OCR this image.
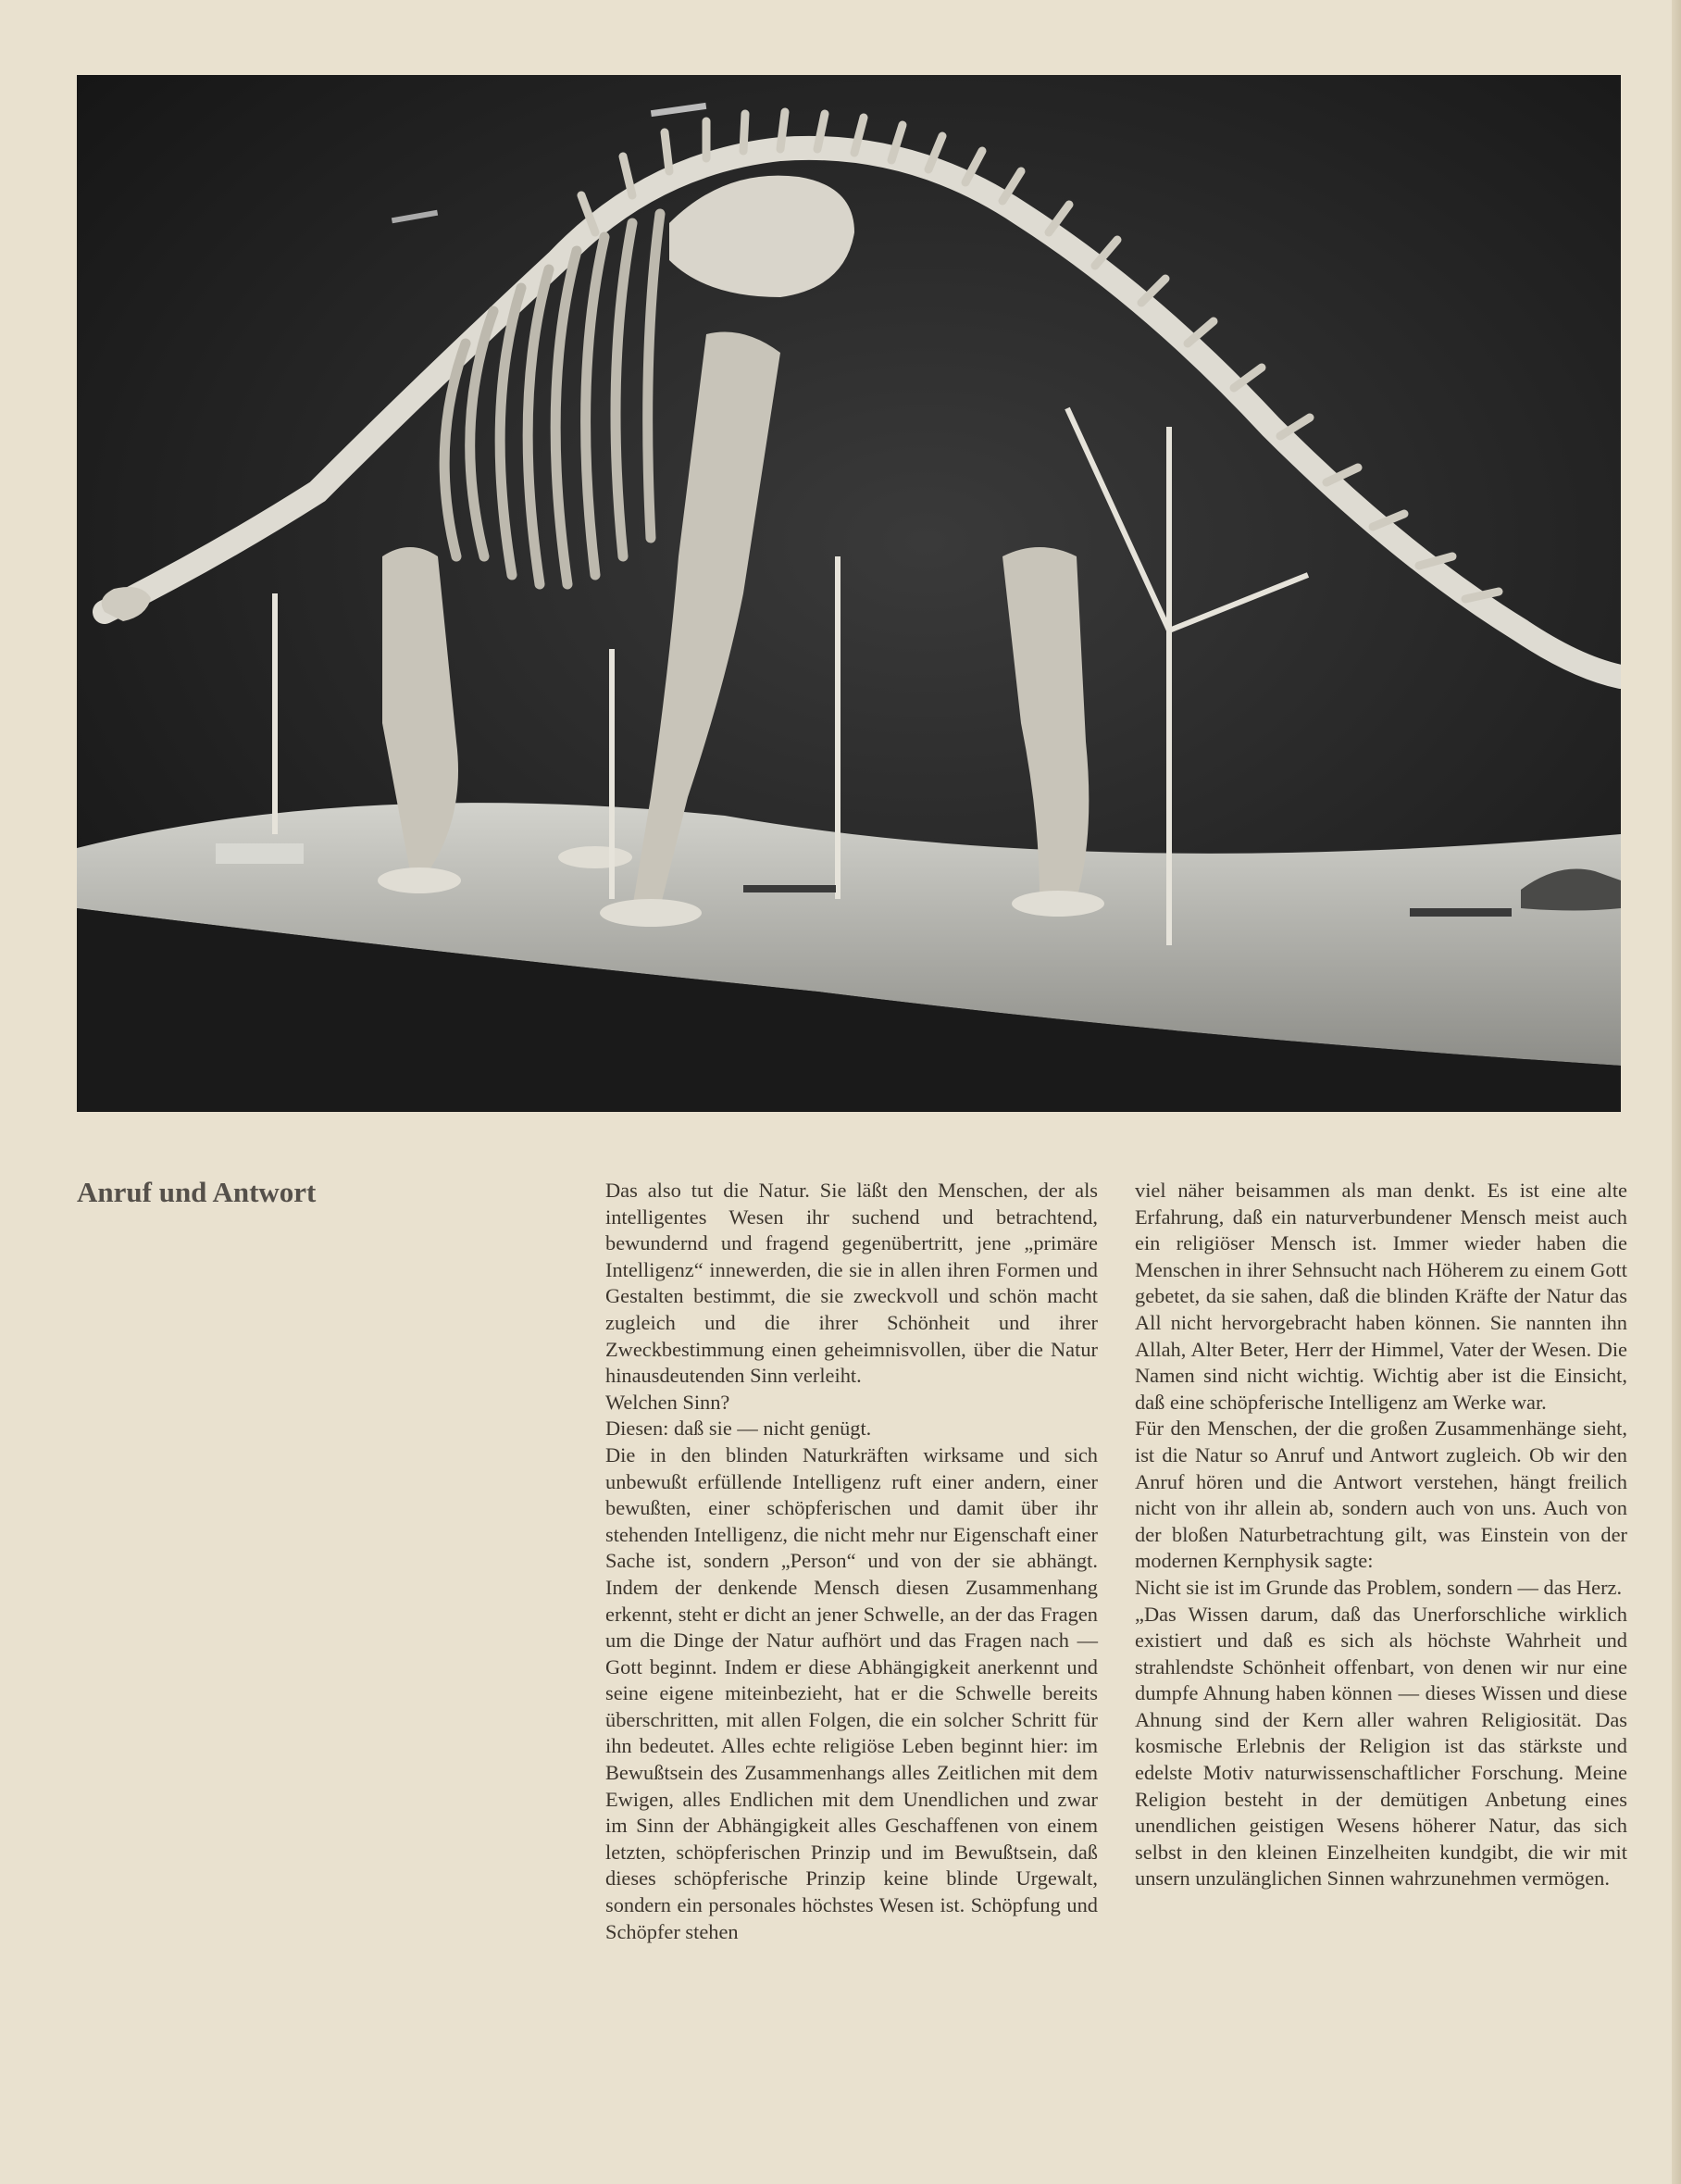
Anruf und Antwort	Das also tut die Natur. Sie läßt den Menschen, der als intelligentes Wesen ihr suchend und betrachtend, bewundernd und fragend gegenübertritt, jene „primäre Intelligenz“ innewerden, die sie in allen ihren Formen und Gestalten bestimmt, die sie zweckvoll und schön macht zugleich und die ihrer Schönheit und ihrer Zweckbestimmung einen geheimnisvollen, über die Natur hinausdeutenden Sinn verleiht.

Welchen Sinn?

Diesen: daß sie — nicht genügt.

Die in den blinden Naturkräften wirksame und sich unbewußt erfüllende Intelligenz ruft einer andern, einer bewußten, einer schöpferischen und damit über ihr stehenden Intelligenz, die nicht mehr nur Eigenschaft einer Sache ist, sondern „Person“ und von der sie abhängt. Indem der denkende Mensch diesen Zusammenhang erkennt, steht er dicht an jener Schwelle, an der das Fragen um die Dinge der Natur aufhört und das Fragen nach — Gott beginnt. Indem er diese Abhängigkeit anerkennt und seine eigene miteinbezieht, hat er die Schwelle bereits überschritten, mit allen Folgen, die ein solcher Schritt für ihn bedeutet. Alles echte religiöse Leben beginnt hier: im Bewußtsein des Zusammenhangs alles Zeitlichen mit dem Ewigen, alles Endlichen mit dem Unendlichen und zwar im Sinn der Abhängigkeit alles Geschaffenen von einem letzten, schöpferischen Prinzip und im Bewußtsein, daß dieses schöpferische Prinzip keine blinde Urgewalt, sondern ein personales höchstes Wesen ist. Schöpfung und Schöpfer stehen

viel näher beisammen als man denkt. Es ist eine alte Erfahrung, daß ein naturverbundener Mensch meist auch ein religiöser Mensch ist. Immer wieder haben die Menschen in ihrer Sehnsucht nach Höherem zu einem Gott gebetet, da sie sahen, daß die blinden Kräfte der Natur das All nicht hervorgebracht haben können. Sie nannten ihn Allah, Alter Beter, Herr der Himmel, Vater der Wesen. Die Namen sind nicht wichtig. Wichtig aber ist die Einsicht, daß eine schöpferische Intelligenz am Werke war.

Für den Menschen, der die großen Zusammenhänge sieht, ist die Natur so Anruf und Antwort zugleich. Ob wir den Anruf hören und die Antwort verstehen, hängt freilich nicht von ihr allein ab, sondern auch von uns. Auch von der bloßen Naturbetrachtung gilt, was Einstein von der modernen Kernphysik sagte:

Nicht sie ist im Grunde das Problem, sondern — das Herz.

„Das Wissen darum, daß das Unerforschliche wirklich existiert und daß es sich als höchste Wahrheit und strahlendste Schönheit offenbart, von denen wir nur eine dumpfe Ahnung haben können — dieses Wissen und diese Ahnung sind der Kern aller wahren Religiosität. Das kosmische Erlebnis der Religion ist das stärkste und edelste Motiv naturwissenschaftlicher Forschung. Meine Religion besteht in der demütigen Anbetung eines unendlichen geistigen Wesens höherer Natur, das sich selbst in den kleinen Einzelheiten kundgibt, die wir mit unsern unzulänglichen Sinnen wahrzunehmen vermögen.
